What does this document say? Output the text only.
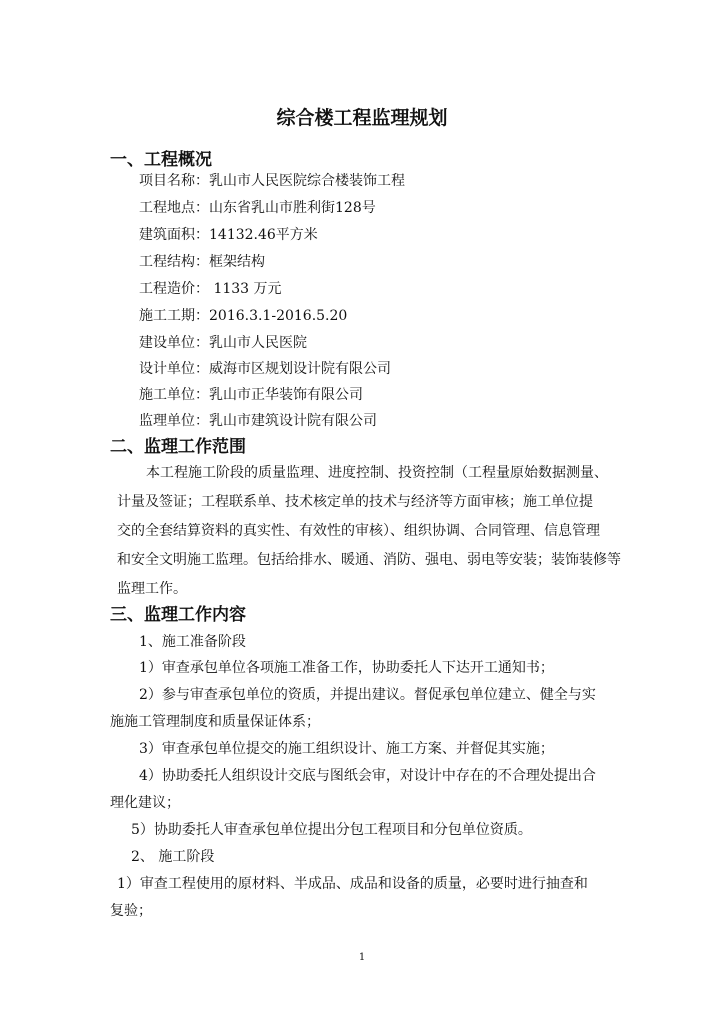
综合楼工程监理规划
一、工程概况
项目名称：乳山市人民医院综合楼装饰工程
工程地点：山东省乳山市胜利街128号
建筑面积：14132.46平方米
工程结构：框架结构
工程造价： 1133 万元
施工工期：2016.3.1-2016.5.20
建设单位：乳山市人民医院
设计单位：威海市区规划设计院有限公司
施工单位：乳山市正华装饰有限公司
监理单位：乳山市建筑设计院有限公司
二、监理工作范围
本工程施工阶段的质量监理、进度控制、投资控制（工程量原始数据测量、
计量及签证；工程联系单、技术核定单的技术与经济等方面审核；施工单位提
交的全套结算资料的真实性、有效性的审核）、组织协调、合同管理、信息管理
和安全文明施工监理。包括给排水、暖通、消防、强电、弱电等安装；装饰装修等
监理工作。
三、监理工作内容
1、施工准备阶段
1）审查承包单位各项施工准备工作，协助委托人下达开工通知书；
2）参与审查承包单位的资质，并提出建议。督促承包单位建立、健全与实
施施工管理制度和质量保证体系；
3）审查承包单位提交的施工组织设计、施工方案、并督促其实施；
4）协助委托人组织设计交底与图纸会审，对设计中存在的不合理处提出合
理化建议；
5）协助委托人审查承包单位提出分包工程项目和分包单位资质。
2、 施工阶段
1）审查工程使用的原材料、半成品、成品和设备的质量，必要时进行抽查和
复验；
1
